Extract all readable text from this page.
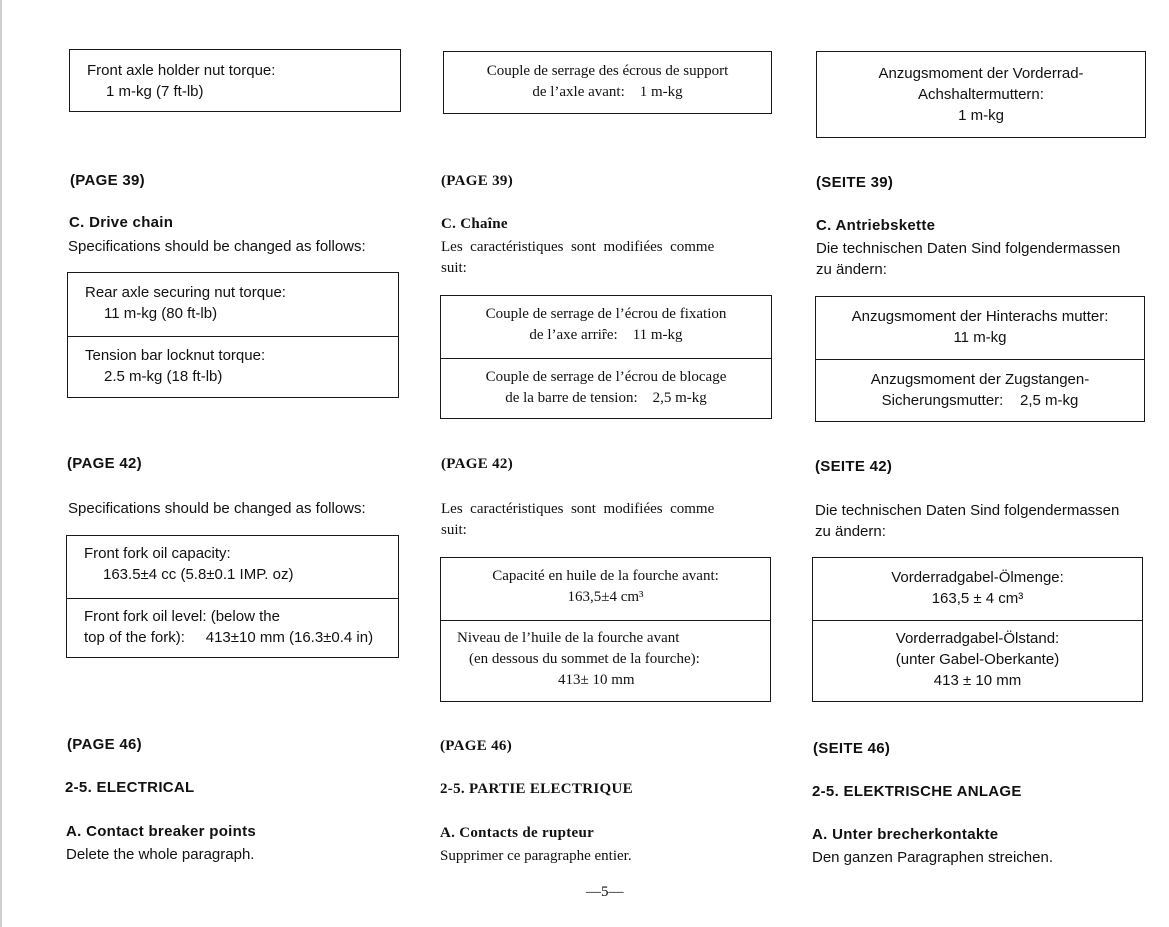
Front axle holder nut torque:
1 m-kg (7 ft-lb)
(PAGE 39)
C. Drive chain
Specifications should be changed as follows:
Rear axle securing nut torque:
11 m-kg (80 ft-lb)
Tension bar locknut torque:
2.5 m-kg (18 ft-lb)
(PAGE 42)
Specifications should be changed as follows:
Front fork oil capacity:
163.5±4 cc (5.8±0.1 IMP. oz)
Front fork oil level: (below the
top of the fork):     413±10 mm (16.3±0.4 in)
(PAGE 46)
2-5. ELECTRICAL
A. Contact breaker points
Delete the whole paragraph.
Couple de serrage des écrous de support
de l’axle avant:    1 m-kg
(PAGE 39)
C. Chaîne
Les  caractéristiques  sont  modifiées  comme
suit:
Couple de serrage de l’écrou de fixation
de l’axe arriȓe:    11 m-kg
Couple de serrage de l’écrou de blocage
de la barre de tension:    2,5 m-kg
(PAGE 42)
Les  caractéristiques  sont  modifiées  comme
suit:
Capacité en huile de la fourche avant:
163,5±4 cm³
Niveau de l’huile de la fourche avant
(en dessous du sommet de la fourche):
413± 10 mm
(PAGE 46)
2-5. PARTIE ELECTRIQUE
A. Contacts de rupteur
Supprimer ce paragraphe entier.
Anzugsmoment der Vorderrad-
Achshaltermuttern:
1 m-kg
(SEITE 39)
C. Antriebskette
Die technischen Daten Sind folgendermassen
zu ändern:
Anzugsmoment der Hinterachs mutter:
11 m-kg
Anzugsmoment der Zugstangen-
Sicherungsmutter:    2,5 m-kg
(SEITE 42)
Die technischen Daten Sind folgendermassen
zu ändern:
Vorderradgabel-Ölmenge:
163,5 ± 4 cm³
Vorderradgabel-Ölstand:
(unter Gabel-Oberkante)
413 ± 10 mm
(SEITE 46)
2-5. ELEKTRISCHE ANLAGE
A. Unter brecherkontakte
Den ganzen Paragraphen streichen.
—5—
